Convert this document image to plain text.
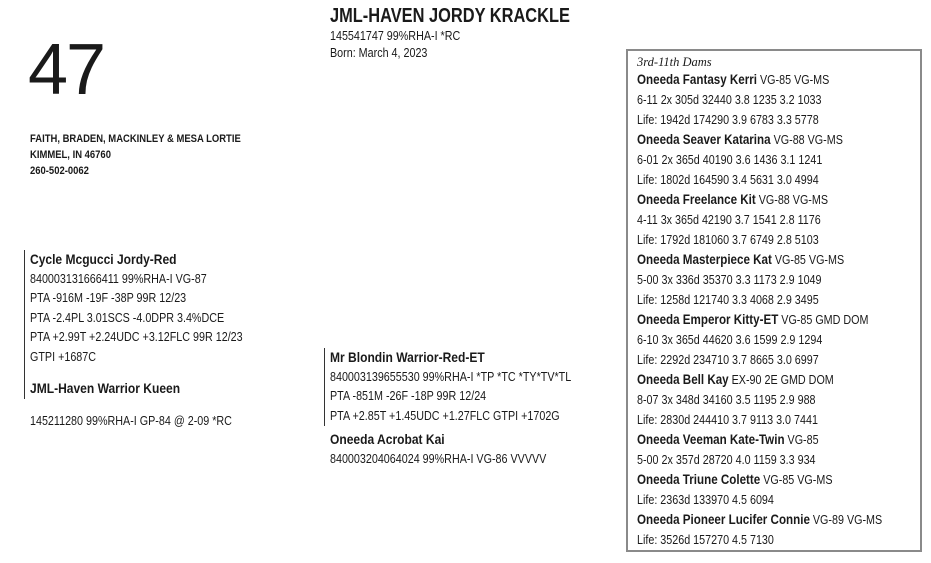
47
FAITH, BRADEN, MACKINLEY & MESA LORTIE
KIMMEL, IN 46760
260-502-0062
JML-HAVEN JORDY KRACKLE
145541747 99%RHA-I *RC
Born: March 4, 2023
Cycle Mcgucci Jordy-Red
840003131666411 99%RHA-I VG-87
PTA -916M -19F -38P 99R 12/23
PTA -2.4PL 3.01SCS -4.0DPR 3.4%DCE
PTA +2.99T +2.24UDC +3.12FLC 99R 12/23
GTPI +1687C
JML-Haven Warrior Kueen
145211280 99%RHA-I GP-84 @ 2-09 *RC
Mr Blondin Warrior-Red-ET
840003139655530 99%RHA-I *TP *TC *TY*TV*TL
PTA -851M -26F -18P 99R 12/24
PTA +2.85T +1.45UDC +1.27FLC GTPI +1702G
Oneeda Acrobat Kai
840003204064024 99%RHA-I VG-86 VVVVV
3rd-11th Dams
Oneeda Fantasy Kerri VG-85 VG-MS
6-11 2x 305d 32440 3.8 1235 3.2 1033
Life: 1942d 174290 3.9 6783 3.3 5778
Oneeda Seaver Katarina VG-88 VG-MS
6-01 2x 365d 40190 3.6 1436 3.1 1241
Life: 1802d 164590 3.4 5631 3.0 4994
Oneeda Freelance Kit VG-88 VG-MS
4-11 3x 365d 42190 3.7 1541 2.8 1176
Life: 1792d 181060 3.7 6749 2.8 5103
Oneeda Masterpiece Kat VG-85 VG-MS
5-00 3x 336d 35370 3.3 1173 2.9 1049
Life: 1258d 121740 3.3 4068 2.9 3495
Oneeda Emperor Kitty-ET VG-85 GMD DOM
6-10 3x 365d 44620 3.6 1599 2.9 1294
Life: 2292d 234710 3.7 8665 3.0 6997
Oneeda Bell Kay EX-90 2E GMD DOM
8-07 3x 348d 34160 3.5 1195 2.9 988
Life: 2830d 244410 3.7 9113 3.0 7441
Oneeda Veeman Kate-Twin VG-85
5-00 2x 357d 28720 4.0 1159 3.3 934
Oneeda Triune Colette VG-85 VG-MS
Life: 2363d 133970 4.5 6094
Oneeda Pioneer Lucifer Connie VG-89 VG-MS
Life: 3526d 157270 4.5 7130
